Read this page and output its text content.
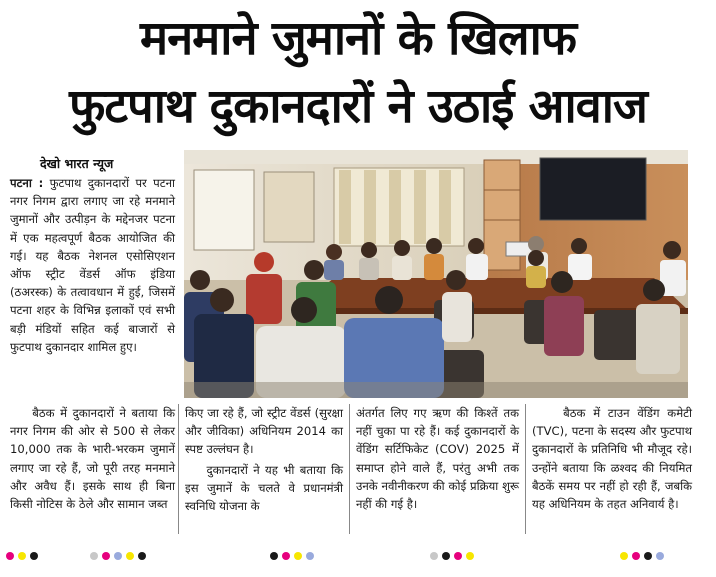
मनमाने जुमानों के खिलाफ
फुटपाथ दुकानदारों ने उठाई आवाज
देखो भारत न्यूज

पटना : फुटपाथ दुकानदारों पर पटना नगर निगम द्वारा लगाए जा रहे मनमाने जुमानों और उत्पीड़न के मद्देनजर पटना में एक महत्वपूर्ण बैठक आयोजित की गई। यह बैठक नेशनल एसोसिएशन ऑफ स्ट्रीट वेंडर्स ऑफ इंडिया (ठअरस्क) के तत्वावधान में हुई, जिसमें पटना शहर के विभिन्न इलाकों एवं सभी बड़ी मंडियों सहित कई बाजारों से फुटपाथ दुकानदार शामिल हुए।

बैठक में दुकानदारों ने बताया कि नगर निगम की ओर से 500 से लेकर 10,000 तक के भारी-भरकम जुमानें लगाए जा रहे हैं, जो पूरी तरह मनमाने और अवैध हैं। इसके साथ ही बिना किसी नोटिस के ठेले और सामान जब्त

किए जा रहे हैं, जो स्ट्रीट वेंडर्स (सुरक्षा और जीविका) अधिनियम 2014 का स्पष्ट उल्लंघन है।

दुकानदारों ने यह भी बताया कि इस जुमानें के चलते वे प्रधानमंत्री स्वनिधि योजना के

अंतर्गत लिए गए ऋण की किश्तें तक नहीं चुका पा रहे हैं। कई दुकानदारों के वेंडिंग सर्टिफिकेट (COV) 2025 में समाप्त होने वाले हैं, परंतु अभी तक उनके नवीनीकरण की कोई प्रक्रिया शुरू नहीं की गई है।

बैठक में टाउन वेंडिंग कमेटी (TVC), पटना के सदस्य और फुटपाथ दुकानदारों के प्रतिनिधि भी मौजूद रहे। उन्होंने बताया कि ळश्वद की नियमित बैठकें समय पर नहीं हो रही हैं, जबकि यह अधिनियम के तहत अनिवार्य है।
